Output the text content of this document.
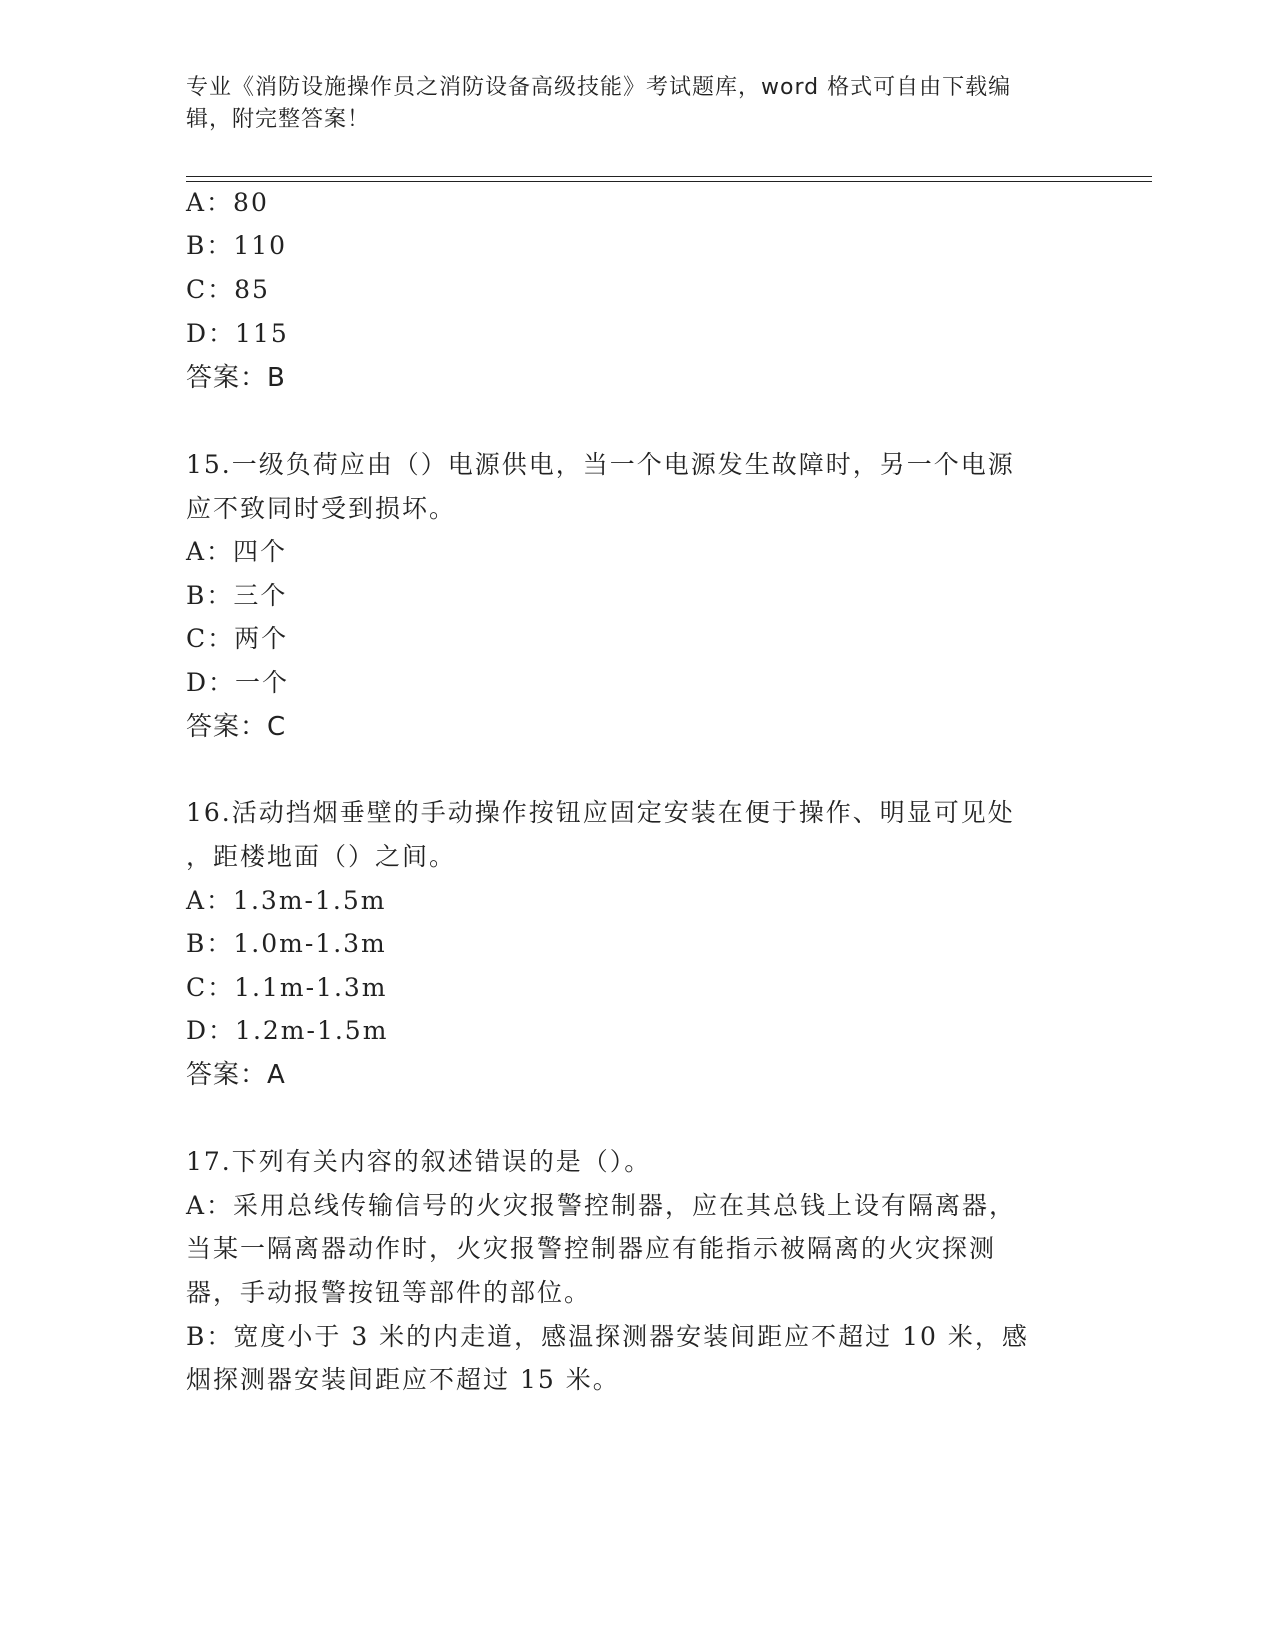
专业《消防设施操作员之消防设备高级技能》考试题库，word 格式可自由下载编
辑，附完整答案！
A：80
B：110
C：85
D：115
答案：B
15.一级负荷应由（）电源供电，当一个电源发生故障时，另一个电源
应不致同时受到损坏。
A：四个
B：三个
C：两个
D：一个
答案：C
16.活动挡烟垂壁的手动操作按钮应固定安装在便于操作、明显可见处
，距楼地面（）之间。
A：1.3m-1.5m
B：1.0m-1.3m
C：1.1m-1.3m
D：1.2m-1.5m
答案：A
17.下列有关内容的叙述错误的是（）。
A：采用总线传输信号的火灾报警控制器，应在其总钱上设有隔离器，
当某一隔离器动作时，火灾报警控制器应有能指示被隔离的火灾探测
器，手动报警按钮等部件的部位。
B：宽度小于 3 米的内走道，感温探测器安装间距应不超过 10 米，感
烟探测器安装间距应不超过 15 米。
